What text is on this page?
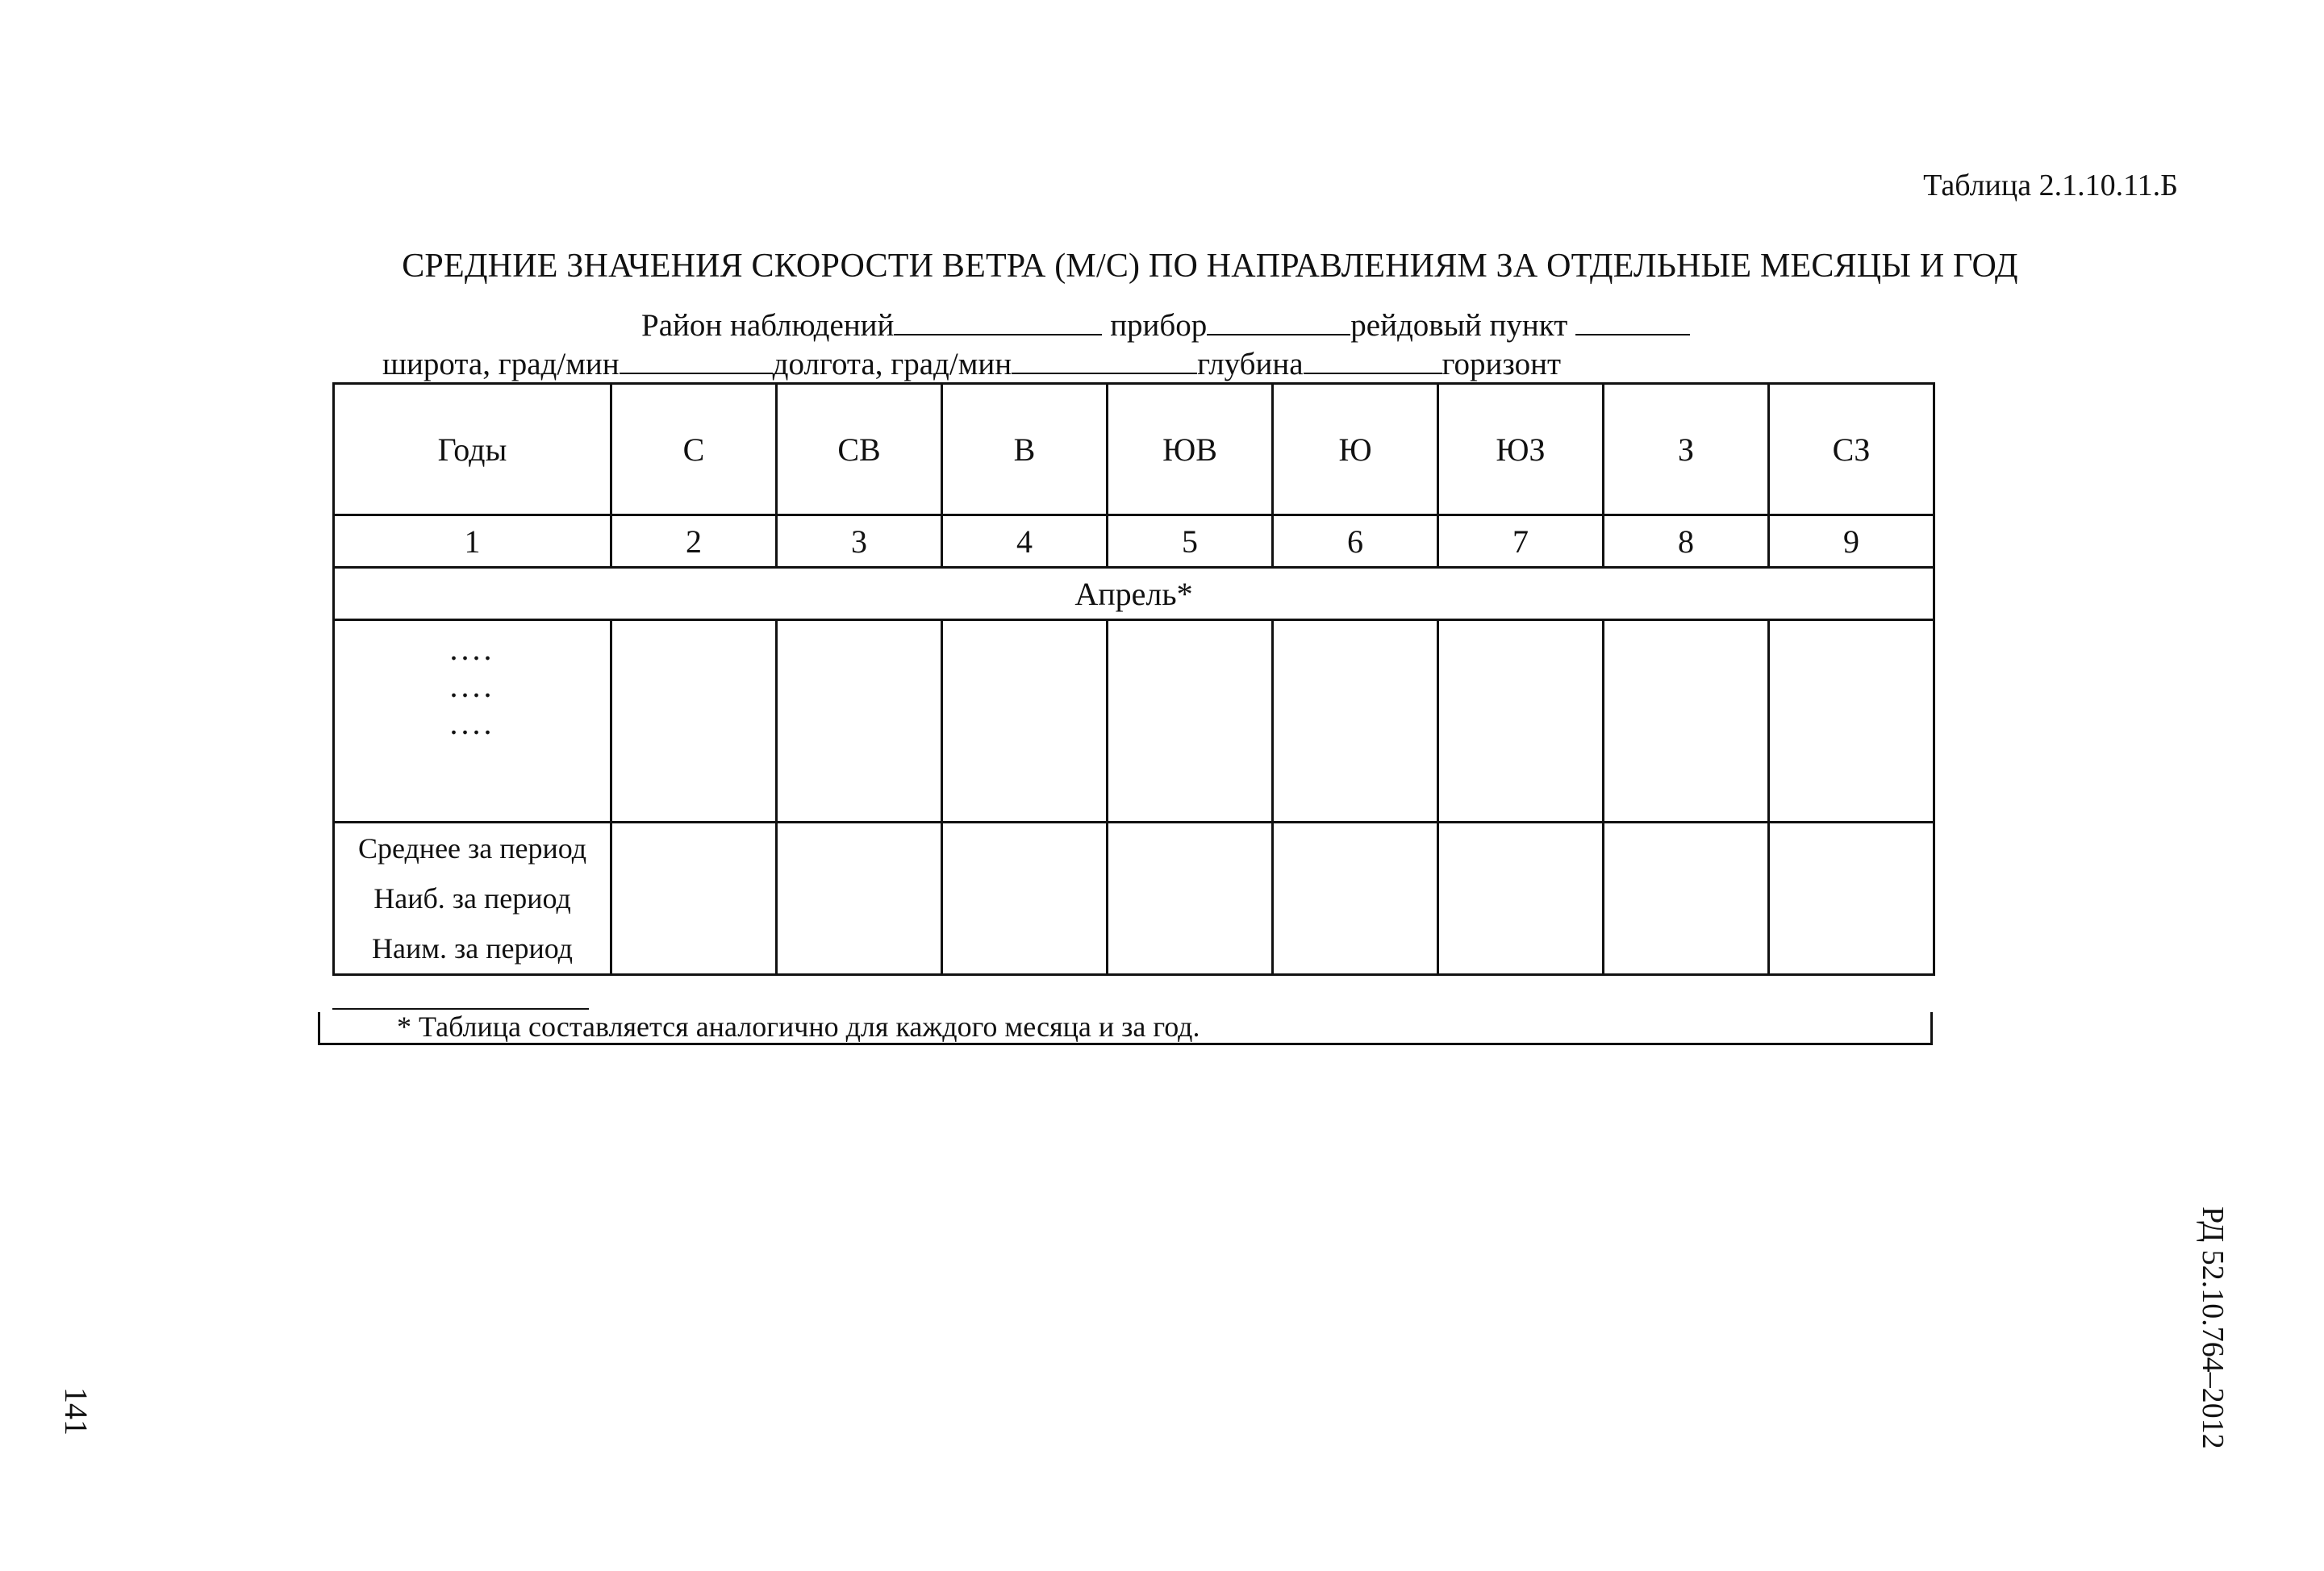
Таблица 2.1.10.11.Б
СРЕДНИЕ ЗНАЧЕНИЯ СКОРОСТИ ВЕТРА (М/С) ПО НАПРАВЛЕНИЯМ ЗА ОТДЕЛЬНЫЕ МЕСЯЦЫ И ГОД
Район наблюдений	прибор	рейдовый пункт
широта, град/мин	долгота, град/мин	глубина	горизонт
Годы	С	СВ	В	ЮВ	Ю	ЮЗ	З	СЗ
1	2	3	4	5	6	7	8	9
Апрель*								

....
....
....								

Среднее за период
Наиб. за период
Наим. за период								

* Таблица составляется аналогично для каждого месяца и за год.
141	РД 52.10.764–2012
